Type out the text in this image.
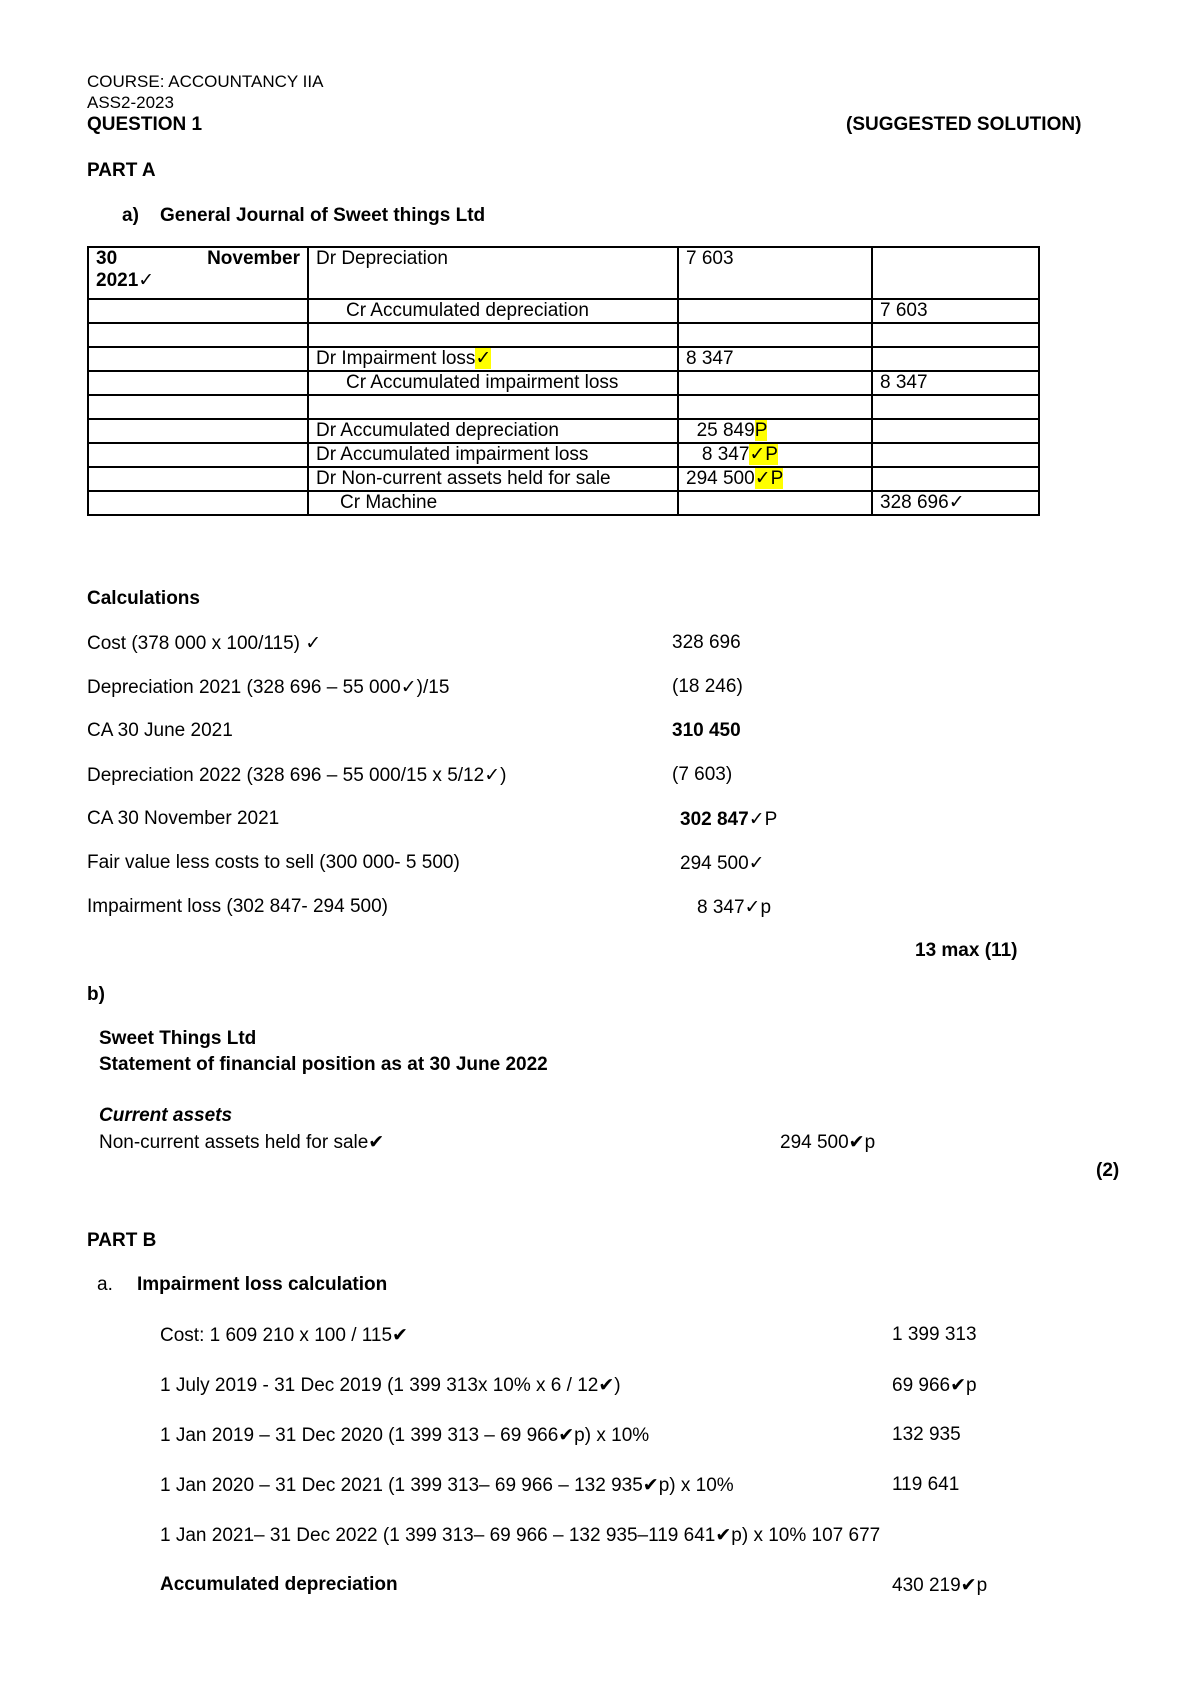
COURSE: ACCOUNTANCY IIA
ASS2-2023
QUESTION 1	(SUGGESTED SOLUTION)
PART A
a) General Journal of Sweet things Ltd
30 November
2021✓	Dr Depreciation	7 603	
	Cr Accumulated depreciation		7 603

	Dr Impairment loss✓	8 347	
	Cr Accumulated impairment loss		8 347

	Dr Accumulated depreciation	25 849P	
	Dr Accumulated impairment loss	8 347✓P	
	Dr Non-current assets held for sale	294 500✓P	
	Cr Machine		328 696✓
Calculations
Cost (378 000 x 100/115) ✓	328 696
Depreciation 2021 (328 696 – 55 000✓)/15	(18 246)
CA 30 June 2021	310 450
Depreciation 2022 (328 696 – 55 000/15 x 5/12✓)	(7 603)
CA 30 November 2021	302 847✓P
Fair value less costs to sell (300 000- 5 500)	294 500✓
Impairment loss (302 847- 294 500)	8 347✓p
13 max (11)
b)
Sweet Things Ltd
Statement of financial position as at 30 June 2022
Current assets
Non-current assets held for sale✔	294 500✔p
(2)
PART B
a. Impairment loss calculation
Cost: 1 609 210 x 100 / 115✔	1 399 313
1 July 2019 - 31 Dec 2019 (1 399 313x 10% x 6 / 12✔)	69 966✔p
1 Jan 2019 – 31 Dec 2020 (1 399 313 – 69 966✔p) x 10%	132 935
1 Jan 2020 – 31 Dec 2021 (1 399 313– 69 966 – 132 935✔p) x 10%	119 641
1 Jan 2021– 31 Dec 2022 (1 399 313– 69 966 – 132 935–119 641✔p) x 10% 107 677
Accumulated depreciation	430 219✔p
